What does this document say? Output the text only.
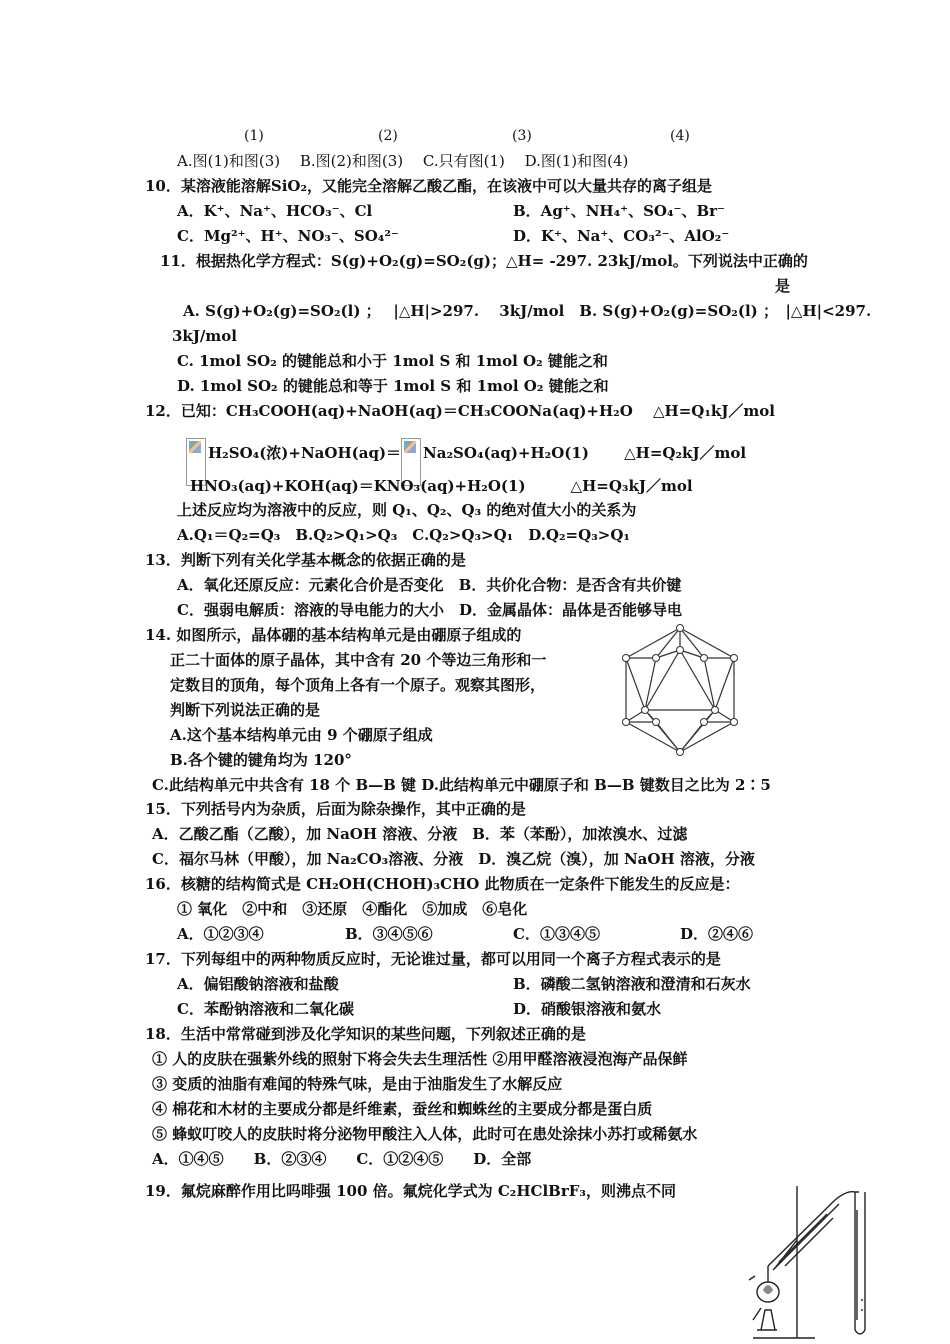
(1)	(2)	(3)	(4)
A.图(1)和图(3)　 B.图(2)和图(3)　 C.只有图(1)　 D.图(1)和图(4)
10．某溶液能溶解SiO₂，又能完全溶解乙酸乙酯，在该液中可以大量共存的离子组是
A．K⁺、Na⁺、HCO₃⁻、Cl	B．Ag⁺、NH₄⁺、SO₄⁻、Br⁻
C．Mg²⁺、H⁺、NO₃⁻、SO₄²⁻	D．K⁺、Na⁺、CO₃²⁻、AlO₂⁻
11．根据热化学方程式：S(g)+O₂(g)=SO₂(g)；△H= -297. 23kJ/mol。下列说法中正确的
是
A. S(g)+O₂(g)=SO₂(l) ；　 |△H|>297.　 3kJ/mol　B. S(g)+O₂(g)=SO₂(l) ；　|△H|<297.
3kJ/mol
C. 1mol SO₂ 的键能总和小于 1mol S 和 1mol O₂ 键能之和
D. 1mol SO₂ 的键能总和等于 1mol S 和 1mol O₂ 键能之和
12．已知：CH₃COOH(aq)+NaOH(aq)＝CH₃COONa(aq)+H₂O　 △H=Q₁kJ／mol
H₂SO₄(浓)+NaOH(aq)＝ Na₂SO₄(aq)+H₂O(1)　　 △H=Q₂kJ／mol
HNO₃(aq)+KOH(aq)＝KNO₃(aq)+H₂O(1)　　　△H=Q₃kJ／mol
上述反应均为溶液中的反应，则 Q₁、Q₂、Q₃ 的绝对值大小的关系为
A.Q₁＝Q₂=Q₃　B.Q₂>Q₁>Q₃　C.Q₂>Q₃>Q₁　D.Q₂=Q₃>Q₁
13．判断下列有关化学基本概念的依据正确的是
A．氧化还原反应：元素化合价是否变化　B．共价化合物：是否含有共价键
C．强弱电解质：溶液的导电能力的大小　D．金属晶体：晶体是否能够导电
14. 如图所示，晶体硼的基本结构单元是由硼原子组成的
正二十面体的原子晶体，其中含有 20 个等边三角形和一
定数目的顶角，每个顶角上各有一个原子。观察其图形，
判断下列说法正确的是
A.这个基本结构单元由 9 个硼原子组成
B.各个键的键角均为 120°
C.此结构单元中共含有 18 个 B—B 键 D.此结构单元中硼原子和 B—B 键数目之比为 2∶5
15．下列括号内为杂质，后面为除杂操作，其中正确的是
A．乙酸乙酯（乙酸），加 NaOH 溶液、分液　B．苯（苯酚），加浓溴水、过滤
C．福尔马林（甲酸），加 Na₂CO₃溶液、分液　D．溴乙烷（溴），加 NaOH 溶液，分液
16．核糖的结构简式是 CH₂OH(CHOH)₃CHO 此物质在一定条件下能发生的反应是：
① 氧化　②中和　③还原　④酯化　⑤加成　⑥皂化
A．①②③④	B．③④⑤⑥	C．①③④⑤	D．②④⑥
17．下列每组中的两种物质反应时，无论谁过量，都可以用同一个离子方程式表示的是
A．偏铝酸钠溶液和盐酸	B．磷酸二氢钠溶液和澄清和石灰水
C．苯酚钠溶液和二氧化碳	D．硝酸银溶液和氨水
18．生活中常常碰到涉及化学知识的某些问题，下列叙述正确的是
① 人的皮肤在强紫外线的照射下将会失去生理活性 ②用甲醛溶液浸泡海产品保鲜
③ 变质的油脂有难闻的特殊气味，是由于油脂发生了水解反应
④ 棉花和木材的主要成分都是纤维素，蚕丝和蜘蛛丝的主要成分都是蛋白质
⑤ 蜂蚁叮咬人的皮肤时将分泌物甲酸注入人体，此时可在患处涂抹小苏打或稀氨水
A．①④⑤　　B．②③④　　C．①②④⑤　　D．全部
19．氟烷麻醉作用比吗啡强 100 倍。氟烷化学式为 C₂HClBrF₃，则沸点不同
